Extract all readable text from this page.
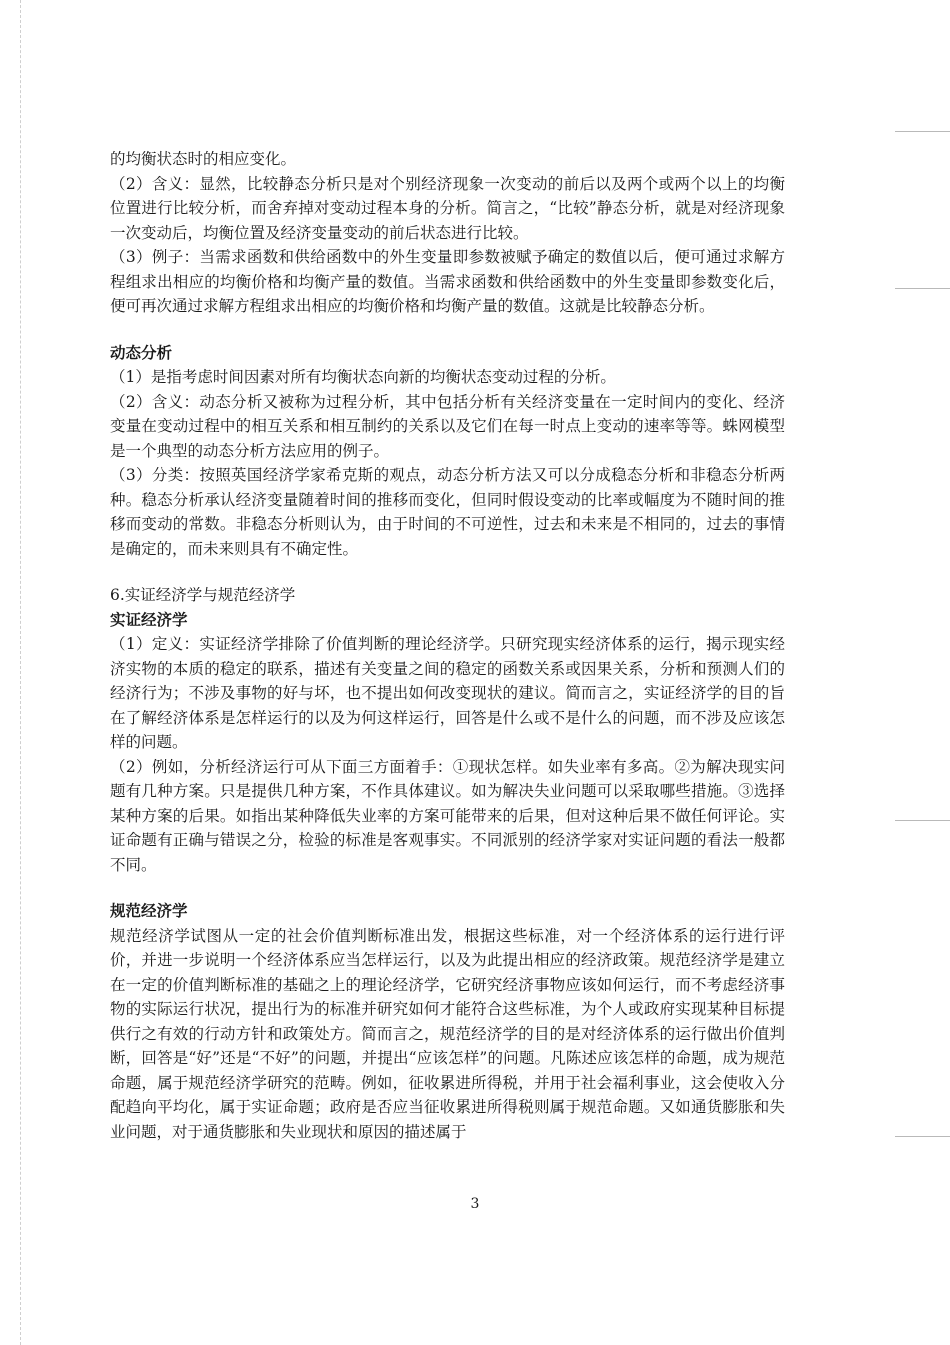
的均衡状态时的相应变化。

（2）含义：显然，比较静态分析只是对个别经济现象一次变动的前后以及两个或两个以上的均衡位置进行比较分析，而舍弃掉对变动过程本身的分析。简言之，“比较”静态分析，就是对经济现象一次变动后，均衡位置及经济变量变动的前后状态进行比较。

（3）例子：当需求函数和供给函数中的外生变量即参数被赋予确定的数值以后，便可通过求解方程组求出相应的均衡价格和均衡产量的数值。当需求函数和供给函数中的外生变量即参数变化后，便可再次通过求解方程组求出相应的均衡价格和均衡产量的数值。这就是比较静态分析。

动态分析

（1）是指考虑时间因素对所有均衡状态向新的均衡状态变动过程的分析。

（2）含义：动态分析又被称为过程分析，其中包括分析有关经济变量在一定时间内的变化、经济变量在变动过程中的相互关系和相互制约的关系以及它们在每一时点上变动的速率等等。蛛网模型是一个典型的动态分析方法应用的例子。

（3）分类：按照英国经济学家希克斯的观点，动态分析方法又可以分成稳态分析和非稳态分析两种。稳态分析承认经济变量随着时间的推移而变化，但同时假设变动的比率或幅度为不随时间的推移而变动的常数。非稳态分析则认为，由于时间的不可逆性，过去和未来是不相同的，过去的事情是确定的，而未来则具有不确定性。

6.实证经济学与规范经济学

实证经济学

（1）定义：实证经济学排除了价值判断的理论经济学。只研究现实经济体系的运行，揭示现实经济实物的本质的稳定的联系，描述有关变量之间的稳定的函数关系或因果关系，分析和预测人们的经济行为；不涉及事物的好与坏，也不提出如何改变现状的建议。简而言之，实证经济学的目的旨在了解经济体系是怎样运行的以及为何这样运行，回答是什么或不是什么的问题，而不涉及应该怎样的问题。

（2）例如，分析经济运行可从下面三方面着手：①现状怎样。如失业率有多高。②为解决现实问题有几种方案。只是提供几种方案，不作具体建议。如为解决失业问题可以采取哪些措施。③选择某种方案的后果。如指出某种降低失业率的方案可能带来的后果，但对这种后果不做任何评论。实证命题有正确与错误之分，检验的标准是客观事实。不同派别的经济学家对实证问题的看法一般都不同。

规范经济学

规范经济学试图从一定的社会价值判断标准出发，根据这些标准，对一个经济体系的运行进行评价，并进一步说明一个经济体系应当怎样运行，以及为此提出相应的经济政策。规范经济学是建立在一定的价值判断标准的基础之上的理论经济学，它研究经济事物应该如何运行，而不考虑经济事物的实际运行状况，提出行为的标准并研究如何才能符合这些标准，为个人或政府实现某种目标提供行之有效的行动方针和政策处方。简而言之，规范经济学的目的是对经济体系的运行做出价值判断，回答是“好”还是“不好”的问题，并提出“应该怎样”的问题。凡陈述应该怎样的命题，成为规范命题，属于规范经济学研究的范畴。例如，征收累进所得税，并用于社会福利事业，这会使收入分配趋向平均化，属于实证命题；政府是否应当征收累进所得税则属于规范命题。又如通货膨胀和失业问题，对于通货膨胀和失业现状和原因的描述属于

3
